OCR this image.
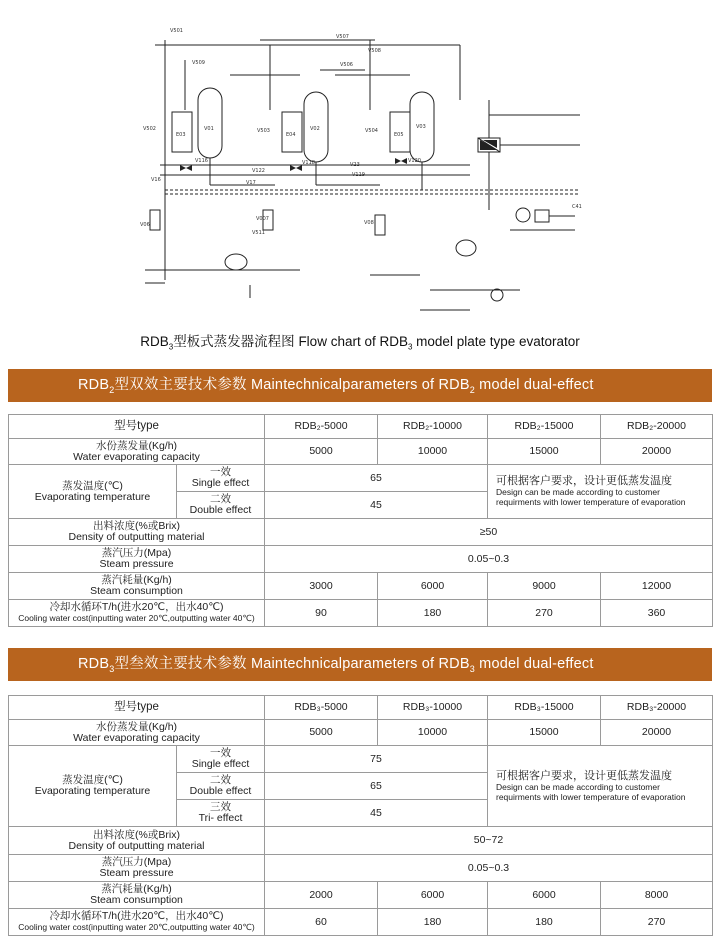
V501
V507
V509
V508
V506
V502	V503	V504
E03	E04	E05
V01	V02	V03
V116	V118	V120
V122
V119
V17
V23
V16
V06
V511
V007
V08
C41
$RDB_3$型板式蒸发器流程图 Flow chart of $RDB_3$ model plate type evatorator
$RDB_2$型双效主要技术参数 Maintechnicalparameters of $RDB_2$ model dual-effect
型号type		RDB₂-5000	RDB₂-10000	RDB₂-15000	RDB₂-20000
水份蒸发量(Kg/h)
Water evaporating capacity		5000	10000	15000	20000
蒸发温度(℃)
Evaporating temperature	一效
Single effect	65		可根据客户要求，设计更低蒸发温度
Design can be made according to customer
requirments with lower temperature of evaporation	

	二效
Double effect	45			
出料浓度(%或Brix)
Density of outputting material		≥50			
蒸汽压力(Mpa)
Steam pressure		0.05~0.3			
蒸汽耗量(Kg/h)
Steam consumption		3000	6000	9000	12000
冷却水循环T/h(进水20℃，出水40℃)
Cooling water cost(inputting water 20℃,outputting water 40℃)		90	180	270	360
$RDB_3$型叁效主要技术参数 Maintechnicalparameters of $RDB_3$ model dual-effect
型号type		RDB₃-5000	RDB₃-10000	RDB₃-15000	RDB₃-20000
水份蒸发量(Kg/h)
Water evaporating capacity		5000	10000	15000	20000
蒸发温度(℃)
Evaporating temperature	一效
Single effect	75		可根据客户要求，设计更低蒸发温度
Design can be made according to customer
requirments with lower temperature of evaporation	

	二效
Double effect	65			
	三效
Tri- effect	45			
出料浓度(%或Brix)
Density of outputting material		50~72			
蒸汽压力(Mpa)
Steam pressure		0.05~0.3			
蒸汽耗量(Kg/h)
Steam consumption		2000	6000	6000	8000
冷却水循环T/h(进水20℃，出水40℃)
Cooling water cost(inputting water 20℃,outputting water 40℃)		60	180	180	270
